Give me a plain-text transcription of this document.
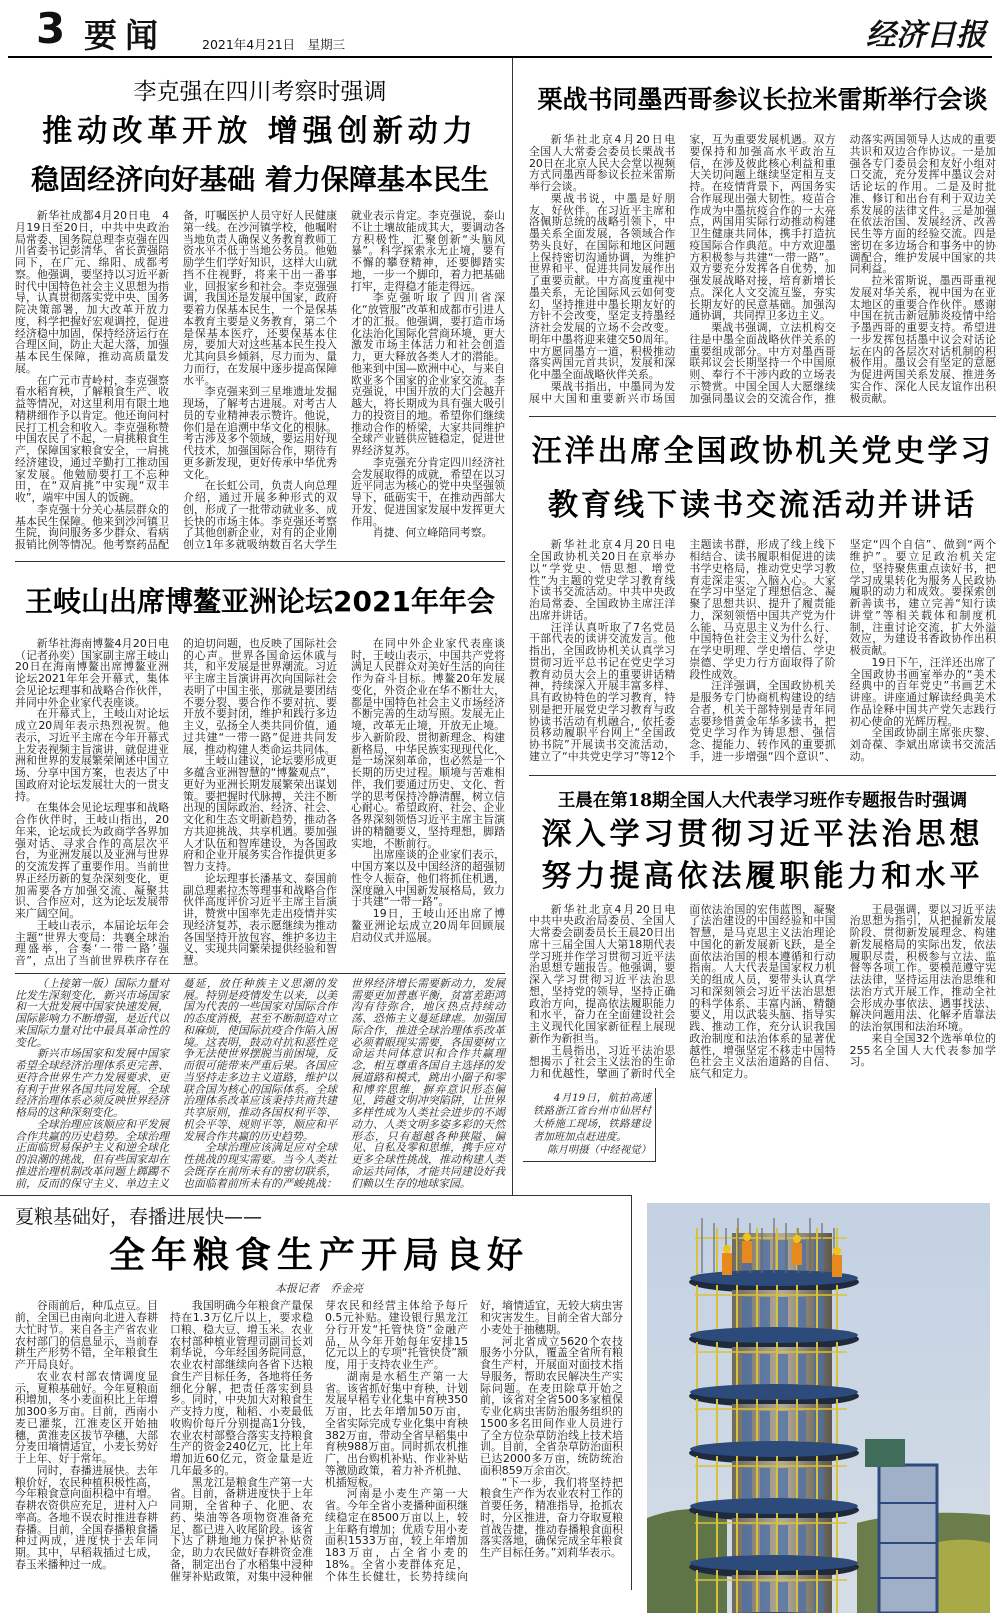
3 要闻	2021年4月21日　星期三	经济日报
李克强在四川考察时强调
推动改革开放 增强创新动力
稳固经济向好基础 着力保障基本民生

新华社成都4月20日电　4月19日至20日，中共中央政治局常委、国务院总理李克强在四川省委书记彭清华、省长黄强陪同下，在广元、绵阳、成都考察。他强调，要坚持以习近平新时代中国特色社会主义思想为指导，认真贯彻落实党中央、国务院决策部署，加大改革开放力度，科学把握好宏观调控，促进经济稳中加固，保持经济运行在合理区间，防止大起大落，加强基本民生保障，推动高质量发展。

在广元市青岭村，李克强察看水稻育秧，了解粮食生产、收益等情况，对这里利用有限土地精耕细作予以肯定。他还询问村民打工机会和收入。李克强称赞中国农民了不起，一肩挑粮食生产，保障国家粮食安全，一肩挑经济建设，通过辛勤打工推动国家发展。他勉励要打工不忘种田，在“双肩挑”中实现“双丰收”，端牢中国人的饭碗。

李克强十分关心基层群众的基本民生保障。他来到沙河镇卫生院，询问服务多少群众、看病报销比例等情况。他考察药品配备，叮嘱医护人员守好人民健康第一线。在沙河镇学校，他嘱咐当地负责人确保义务教育教师工资水平不低于当地公务员。他勉励学生们学好知识，这样大山就挡不住视野，将来干出一番事业，回报家乡和社会。李克强强调，我国还是发展中国家，政府要着力保基本民生，一个是保基本教育主要是义务教育，第二个是保基本医疗，还要保基本住房，要加大对这些基本民生投入尤其向县乡倾斜，尽力而为、量力而行，在发展中逐步提高保障水平。

李克强来到三星堆遗址发掘现场，了解考古进展。对考古人员的专业精神表示赞许。他说，你们是在追溯中华文化的根脉。考古涉及多个领域，要运用好现代技术，加强国际合作，期待有更多新发现，更好传承中华优秀文化。

在长虹公司，负责人向总理介绍，通过开展多种形式的双创，形成了一批带动就业多、成长快的市场主体。李克强还考察了其他创新企业，对有的企业刚创立1年多就吸纳数百名大学生就业表示肯定。李克强说，泰山不让土壤故能成其大，要调动各方积极性，汇聚创新“头脑风暴”。科学探索永无止境，要有不懈的攀登精神，还要脚踏实地，一步一个脚印，着力把基础打牢，走得稳才能走得远。

李克强听取了四川省深化“放管服”改革和成都市引进人才的汇报。他强调，要打造市场化法治化国际化营商环境，更大激发市场主体活力和社会创造力，更大释放各类人才的潜能。他来到中国—欧洲中心，与来自欧亚多个国家的企业家交流。李克强说，中国开放的大门会越开越大，将长期成为具有强大吸引力的投资目的地。希望你们继续推动合作的桥梁，大家共同维护全球产业链供应链稳定，促进世界经济复苏。

李克强充分肯定四川经济社会发展取得的成就，希望在以习近平同志为核心的党中央坚强领导下，砥砺实干，在推动西部大开发、促进国家发展中发挥更大作用。

肖捷、何立峰陪同考察。

王岐山出席博鳌亚洲论坛2021年年会

新华社海南博鳌4月20日电（记者孙奕）国家副主席王岐山20日在海南博鳌出席博鳌亚洲论坛2021年年会开幕式，集体会见论坛理事和战略合作伙伴，并同中外企业家代表座谈。

在开幕式上，王岐山对论坛成立20周年表示热烈祝贺。他表示，习近平主席在今年开幕式上发表视频主旨演讲，就促进亚洲和世界的发展繁荣阐述中国立场、分享中国方案，也表达了中国政府对论坛发展壮大的一贯支持。

在集体会见论坛理事和战略合作伙伴时，王岐山指出，20年来，论坛成长为政商学各界加强对话、寻求合作的高层次平台，为亚洲发展以及亚洲与世界的交流发挥了重要作用。当前世界正经历新的复杂深刻变化，更加需要各方加强交流、凝聚共识、合作应对，这为论坛发展带来广阔空间。

王岐山表示，本届论坛年会主题“世界大变局：共襄全球治理盛举，合奏‘一带一路’强音”，点出了当前世界秩序存在的迫切问题，也反映了国际社会的心声。世界各国命运休戚与共，和平发展是世界潮流。习近平主席主旨演讲再次向国际社会表明了中国主张，那就是要团结不要分裂、要合作不要对抗、要开放不要封闭，维护和践行多边主义，弘扬全人类共同价值，通过共建“一带一路”促进共同发展，推动构建人类命运共同体。

王岐山建议，论坛要形成更多蕴含亚洲智慧的“博鳌观点”，更好为亚洲长期发展繁荣出谋划策。要把握时代脉搏，关注不断出现的国际政治、经济、社会、文化和生态文明新趋势，推动各方共迎挑战、共享机遇。要加强人才队伍和智库建设，为各国政府和企业开展务实合作提供更多智力支持。

论坛理事长潘基文、泰国前副总理素拉杰等理事和战略合作伙伴高度评价习近平主席主旨演讲，赞赏中国率先走出疫情并实现经济复苏，表示愿继续为推动各国坚持开放包容、维护多边主义、实现共同繁荣提供经验和智慧。

在同中外企业家代表座谈时，王岐山表示，中国共产党将满足人民群众对美好生活的向往作为奋斗目标。博鳌20年发展变化，外资企业在华不断壮大，都是中国特色社会主义市场经济不断完善的生动写照。发展无止境，改革无止境，开放无止境。步入新阶段、贯彻新理念、构建新格局，中华民族实现现代化，是一场深刻革命，也必然是一个长期的历史过程。顺境与苦难相伴，我们要通过历史、文化、哲学的思考保持冷静清醒，树立信心耐心。希望政府、社会、企业各界深刻领悟习近平主席主旨演讲的精髓要义，坚持理想，脚踏实地，不断前行。

出席座谈的企业家们表示，中国方案以及中国经济的超强韧性令人振奋，他们将抓住机遇，深度融入中国新发展格局，致力于共建“一带一路”。

19日，王岐山还出席了博鳌亚洲论坛成立20周年回顾展启动仪式并巡展。

（上接第一版）国际力量对比发生深刻变化，新兴市场国家和一大批发展中国家快速发展，国际影响力不断增强，是近代以来国际力量对比中最具革命性的变化。

新兴市场国家和发展中国家希望全球经济治理体系更完善、更符合世界生产力发展要求、更有利于世界各国共同发展。全球经济治理体系必须反映世界经济格局的这种深刻变化。

全球治理应该顺应和平发展合作共赢的历史趋势。全球治理正面临贸易保护主义和逆全球化的浪潮的挑战，但有些国家却在推进治理机制改革问题上踯躅不前，反而的保守主义、单边主义蔓延，放任种族主义思潮的发展。特别是疫情发生以来，以美国为代表的一些国家对国际合作的态度消极，甚至不断制造对立和麻烦，使国际抗疫合作陷入困境。这表明，鼓动对抗和恶性竞争无法使世界摆脱当前困境，反而很可能带来严重后果。各国应当坚持走多边主义道路，维护以联合国为核心的国际体系。全球治理体系改革应该秉持共商共建共享原则，推动各国权利平等、机会平等、规则平等，顺应和平发展合作共赢的历史趋势。

全球治理应该满足应对全球性挑战的现实需要。当今人类社会既存在前所未有的密切联系，也面临着前所未有的严峻挑战：世界经济增长需要新动力，发展需要更加普惠平衡，贫富差距鸿沟有待弥合，地区热点持续动荡、恐怖主义蔓延肆虐。加强国际合作，推进全球治理体系改革必须着眼现实需要，各国要树立命运共同体意识和合作共赢理念，相互尊重各国自主选择的发展道路和模式，跳出小圈子和零和博弈思维，摒弃意识形态偏见，跨越文明冲突陷阱，让世界多样性成为人类社会进步的不竭动力、人类文明多姿多彩的天然形态，只有超越各种狭隘、偏见、自私及零和思维，携手应对更多全球性挑战，推动构建人类命运共同体，才能共同建设好我们赖以生存的地球家园。

栗战书同墨西哥参议长拉米雷斯举行会谈

新华社北京4月20日电　全国人大常委会委员长栗战书20日在北京人民大会堂以视频方式同墨西哥参议长拉米雷斯举行会谈。

栗战书说，中墨是好朋友、好伙伴。在习近平主席和洛佩斯总统的战略引领下，中墨关系全面发展，各领域合作势头良好，在国际和地区问题上保持密切沟通协调，为维护世界和平、促进共同发展作出了重要贡献。中方高度重视中墨关系，无论国际风云如何变幻，坚持推进中墨长期友好的方针不会改变，坚定支持墨经济社会发展的立场不会改变。明年中墨将迎来建交50周年。中方愿同墨方一道，积极推动落实两国元首共识，发展和深化中墨全面战略伙伴关系。

栗战书指出，中墨同为发展中大国和重要新兴市场国家，互为重要发展机遇。双方要保持和加强高水平政治互信，在涉及彼此核心利益和重大关切问题上继续坚定相互支持。在疫情背景下，两国务实合作展现出强大韧性。疫苗合作成为中墨抗疫合作的一大亮点，两国用实际行动推动构建卫生健康共同体，携手打造抗疫国际合作典范。中方欢迎墨方积极参与共建“一带一路”。双方要充分发挥各自优势，加强发展战略对接，培育新增长点。深化人文交流互鉴，夯实长期友好的民意基础。加强沟通协调，共同捍卫多边主义。

栗战书强调，立法机构交往是中墨全面战略伙伴关系的重要组成部分。中方对墨西哥联邦议会长期坚持一个中国原则、奉行不干涉内政的立场表示赞赏。中国全国人大愿继续加强同墨议会的交流合作，推动落实两国领导人达成的重要共识和双边合作协议。一是加强各专门委员会和友好小组对口交流，充分发挥中墨议会对话论坛的作用。二是及时批准、修订和出台有利于双边关系发展的法律文件。三是加强在依法治国、发展经济、改善民生等方面的经验交流。四是密切在多边场合和事务中的协调配合，维护发展中国家的共同利益。

拉米雷斯说，墨西哥重视发展对华关系，视中国为在亚太地区的重要合作伙伴。感谢中国在抗击新冠肺炎疫情中给予墨西哥的重要支持。希望进一步发挥包括墨中议会对话论坛在内的各层次对话机制的积极作用。墨议会有坚定的意愿为促进两国关系发展、推进务实合作、深化人民友谊作出积极贡献。

汪洋出席全国政协机关党史学习
教育线下读书交流活动并讲话

新华社北京4月20日电　全国政协机关20日在京举办以“学党史、悟思想、增党性”为主题的党史学习教育线下读书交流活动。中共中央政治局常委、全国政协主席汪洋出席并讲话。

汪洋认真听取了7名党员干部代表的读讲交流发言。他指出，全国政协机关认真学习贯彻习近平总书记在党史学习教育动员大会上的重要讲话精神，持续深入开展丰富多样、具有政协特色的学习教育，特别是把开展党史学习教育与政协读书活动有机融合，依托委员移动履职平台网上“全国政协书院”开展读书交流活动，建立了“中共党史学习”等12个主题读书群，形成了线上线下相结合、读书履职相促进的读书学史格局，推动党史学习教育走深走实、入脑入心。大家在学习中坚定了理想信念、凝聚了思想共识、提升了履责能力，深刻领悟中国共产党为什么能、马克思主义为什么行、中国特色社会主义为什么好，在学史明理、学史增信、学史崇德、学史力行方面取得了阶段性成效。

汪洋强调，全国政协机关是服务专门协商机构建设的结合者，机关干部特别是青年同志要珍惜黄金年华多读书，把党史学习作为铸思想、强信念、提能力、转作风的重要抓手，进一步增强“四个意识”、坚定“四个自信”、做到“两个维护”。要立足政治机关定位，坚持聚焦重点读好书，把学习成果转化为服务人民政协履职的动力和成效。要探索创新善读书，建立完善“知行读讲堂”等相关载体和制度机制，注重讨论交流，扩大外溢效应，为建设书香政协作出积极贡献。

19日下午，汪洋还出席了全国政协书画室举办的“美术经典中的百年党史”书画艺术讲座。讲座通过解读经典美术作品诠释中国共产党矢志践行初心使命的光辉历程。

全国政协副主席张庆黎、刘奇葆、李斌出席读书交流活动。

王晨在第18期全国人大代表学习班作专题报告时强调
深入学习贯彻习近平法治思想
努力提高依法履职能力和水平

新华社北京4月20日电　中共中央政治局委员、全国人大常委会副委员长王晨20日出席十三届全国人大第18期代表学习班并作学习贯彻习近平法治思想专题报告。他强调，要深入学习贯彻习近平法治思想，坚持党的领导，坚持正确政治方向，提高依法履职能力和水平，奋力在全面建设社会主义现代化国家新征程上展现新作为新担当。

王晨指出，习近平法治思想揭示了社会主义法治的生命力和优越性，擘画了新时代全面依法治国的宏伟蓝图，凝聚了法治建设的中国经验和中国智慧，是马克思主义法治理论中国化的新发展新飞跃，是全面依法治国的根本遵循和行动指南。人大代表是国家权力机关的组成人员，要带头认真学习和深刻领会习近平法治思想的科学体系、丰富内涵、精髓要义，用以武装头脑、指导实践、推动工作，充分认识我国政治制度和法治体系的显著优越性，增强坚定不移走中国特色社会主义法治道路的自信、底气和定力。

王晨强调，要以习近平法治思想为指引，从把握新发展阶段、贯彻新发展理念、构建新发展格局的实际出发，依法履职尽责，积极参与立法、监督等各项工作。要模范遵守宪法法律，坚持运用法治思维和法治方式开展工作，推动全社会形成办事依法、遇事找法、解决问题用法、化解矛盾靠法的法治氛围和法治环境。

来自全国32个选举单位的255名全国人大代表参加学习。

4月19日，航拍高速铁路浙江省台州市仙居村大桥施工现场，铁路建设者加班加点赶进度。
陈月明摄（中经视觉）
夏粮基础好，春播进展快——
全年粮食生产开局良好
本报记者　乔金亮

谷雨前后，种瓜点豆。目前，全国已由南向北进入春耕大忙时节。来自各主产省农业农村部门的信息显示，当前春耕生产形势不错，全年粮食生产开局良好。

农业农村部农情调度显示，夏粮基础好。今年夏粮面积增加，冬小麦面积比上年增加300多万亩。目前，西南小麦已灌浆，江淮麦区开始抽穗，黄淮麦区拔节孕穗，大部分麦田墒情适宜，小麦长势好于上年、好于常年。

同时，春播进展快。去年粮价好，农民种植积极性高，今年粮食意向面积稳中有增。春耕农资供应充足，进村入户率高。各地不误农时推进春耕春播。目前，全国春播粮食播种过两成，进度快于去年同期。其中，早稻栽插过七成，春玉米播种过一成。

我国明确今年粮食产量保持在1.3万亿斤以上，要求稳口粮、稳大豆、增玉米。农业农村部种植业管理司副司长刘莉华说，今年经国务院同意，农业农村部继续向各省下达粮食生产目标任务，各地将任务细化分解，把责任落实到县乡。同时，中央加大对粮食生产支持力度，籼稻、小麦最低收购价每斤分别提高1分钱，农业农村部整合落实支持粮食生产的资金240亿元，比上年增加近60亿元，资金量是近几年最多的。

黑龙江是粮食生产第一大省。目前，备耕进度快于上年同期，全省种子、化肥、农药、柴油等各项物资准备充足，都已进入收尾阶段。该省下达了耕地地力保护补贴资金，助力农民做好春耕资金准备，制定出台了水稻集中浸种催芽补贴政策，对集中浸种催芽农民和经营主体给予每斤0.5元补贴。建设银行黑龙江分行开发“托管快贷”金融产品，从今年开始每年安排15亿元以上的专项“托管快贷”额度，用于支持农业生产。

湖南是水稻生产第一大省。该省抓好集中育秧，计划发展早稻专业化集中育秧350万亩，比去年增加50万亩，全省实际完成专业化集中育秧382万亩，带动全省早稻集中育秧988万亩。同时抓农机推广，出台购机补贴、作业补贴等激励政策，着力补齐机抛、机插短板。

河南是小麦生产第一大省。今年全省小麦播种面积继续稳定在8500万亩以上，较上年略有增加；优质专用小麦面积1533万亩，较上年增加183万亩，占全省小麦的18%。全省小麦群体充足，个体生长健壮，长势持续向好，墒情适宜，无较大病虫害和灾害发生。目前全省大部分小麦处于抽穗期。

河北省成立5620个农技服务小分队，覆盖全省所有粮食生产村，开展面对面技术指导服务，帮助农民解决生产实际问题。在麦田除草开始之前，该省对全省500多家植保专业化病虫害防治服务组织的1500多名田间作业人员进行了全方位杂草防治线上技术培训。目前，全省杂草防治面积已达2000多万亩，统防统治面积859万余亩次。

“下一步，我们将坚持把粮食生产作为农业农村工作的首要任务，精准指导，抢抓农时，分区推进，奋力夺取夏粮首战告捷，推动春播粮食面积落实落地，确保完成全年粮食生产目标任务。”刘莉华表示。
